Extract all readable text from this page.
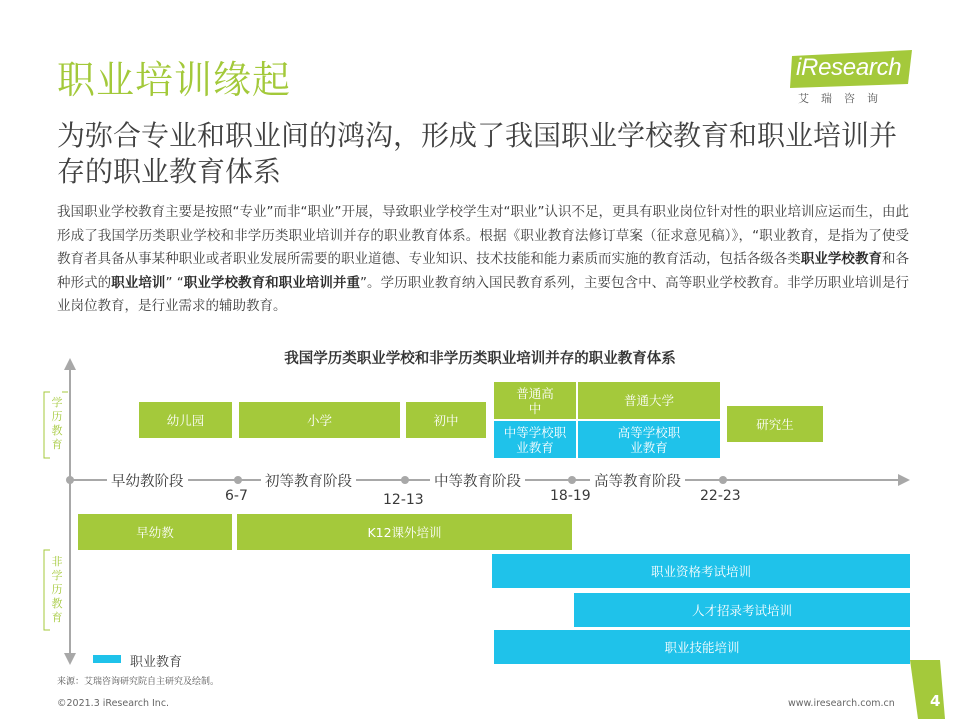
职业培训缘起
为弥合专业和职业间的鸿沟，形成了我国职业学校教育和职业培训并存的职业教育体系
iResearch
艾瑞咨询
我国职业学校教育主要是按照“专业”而非“职业”开展，导致职业学校学生对“职业”认识不足，更具有职业岗位针对性的职业培训应运而生，由此形成了我国学历类职业学校和非学历类职业培训并存的职业教育体系。根据《职业教育法修订草案（征求意见稿）》，“职业教育，是指为了使受教育者具备从事某种职业或者职业发展所需要的职业道德、专业知识、技术技能和能力素质而实施的教育活动，包括各级各类职业学校教育和各种形式的职业培训” “职业学校教育和职业培训并重”。学历职业教育纳入国民教育系列，主要包含中、高等职业学校教育。非学历职业培训是行业岗位教育，是行业需求的辅助教育。
我国学历类职业学校和非学历类职业培训并存的职业教育体系
学历教育
非学历教育
幼儿园	小学	初中
普通高中
中等学校职业教育
普通大学
高等学校职业教育
研究生
早幼教阶段	初等教育阶段	中等教育阶段	高等教育阶段
6-7	12-13	18-19	22-23
早幼教	K12课外培训
职业资格考试培训
人才招录考试培训
职业技能培训
职业教育
来源：艾瑞咨询研究院自主研究及绘制。
©2021.3 iResearch Inc.	www.iresearch.com.cn 4
